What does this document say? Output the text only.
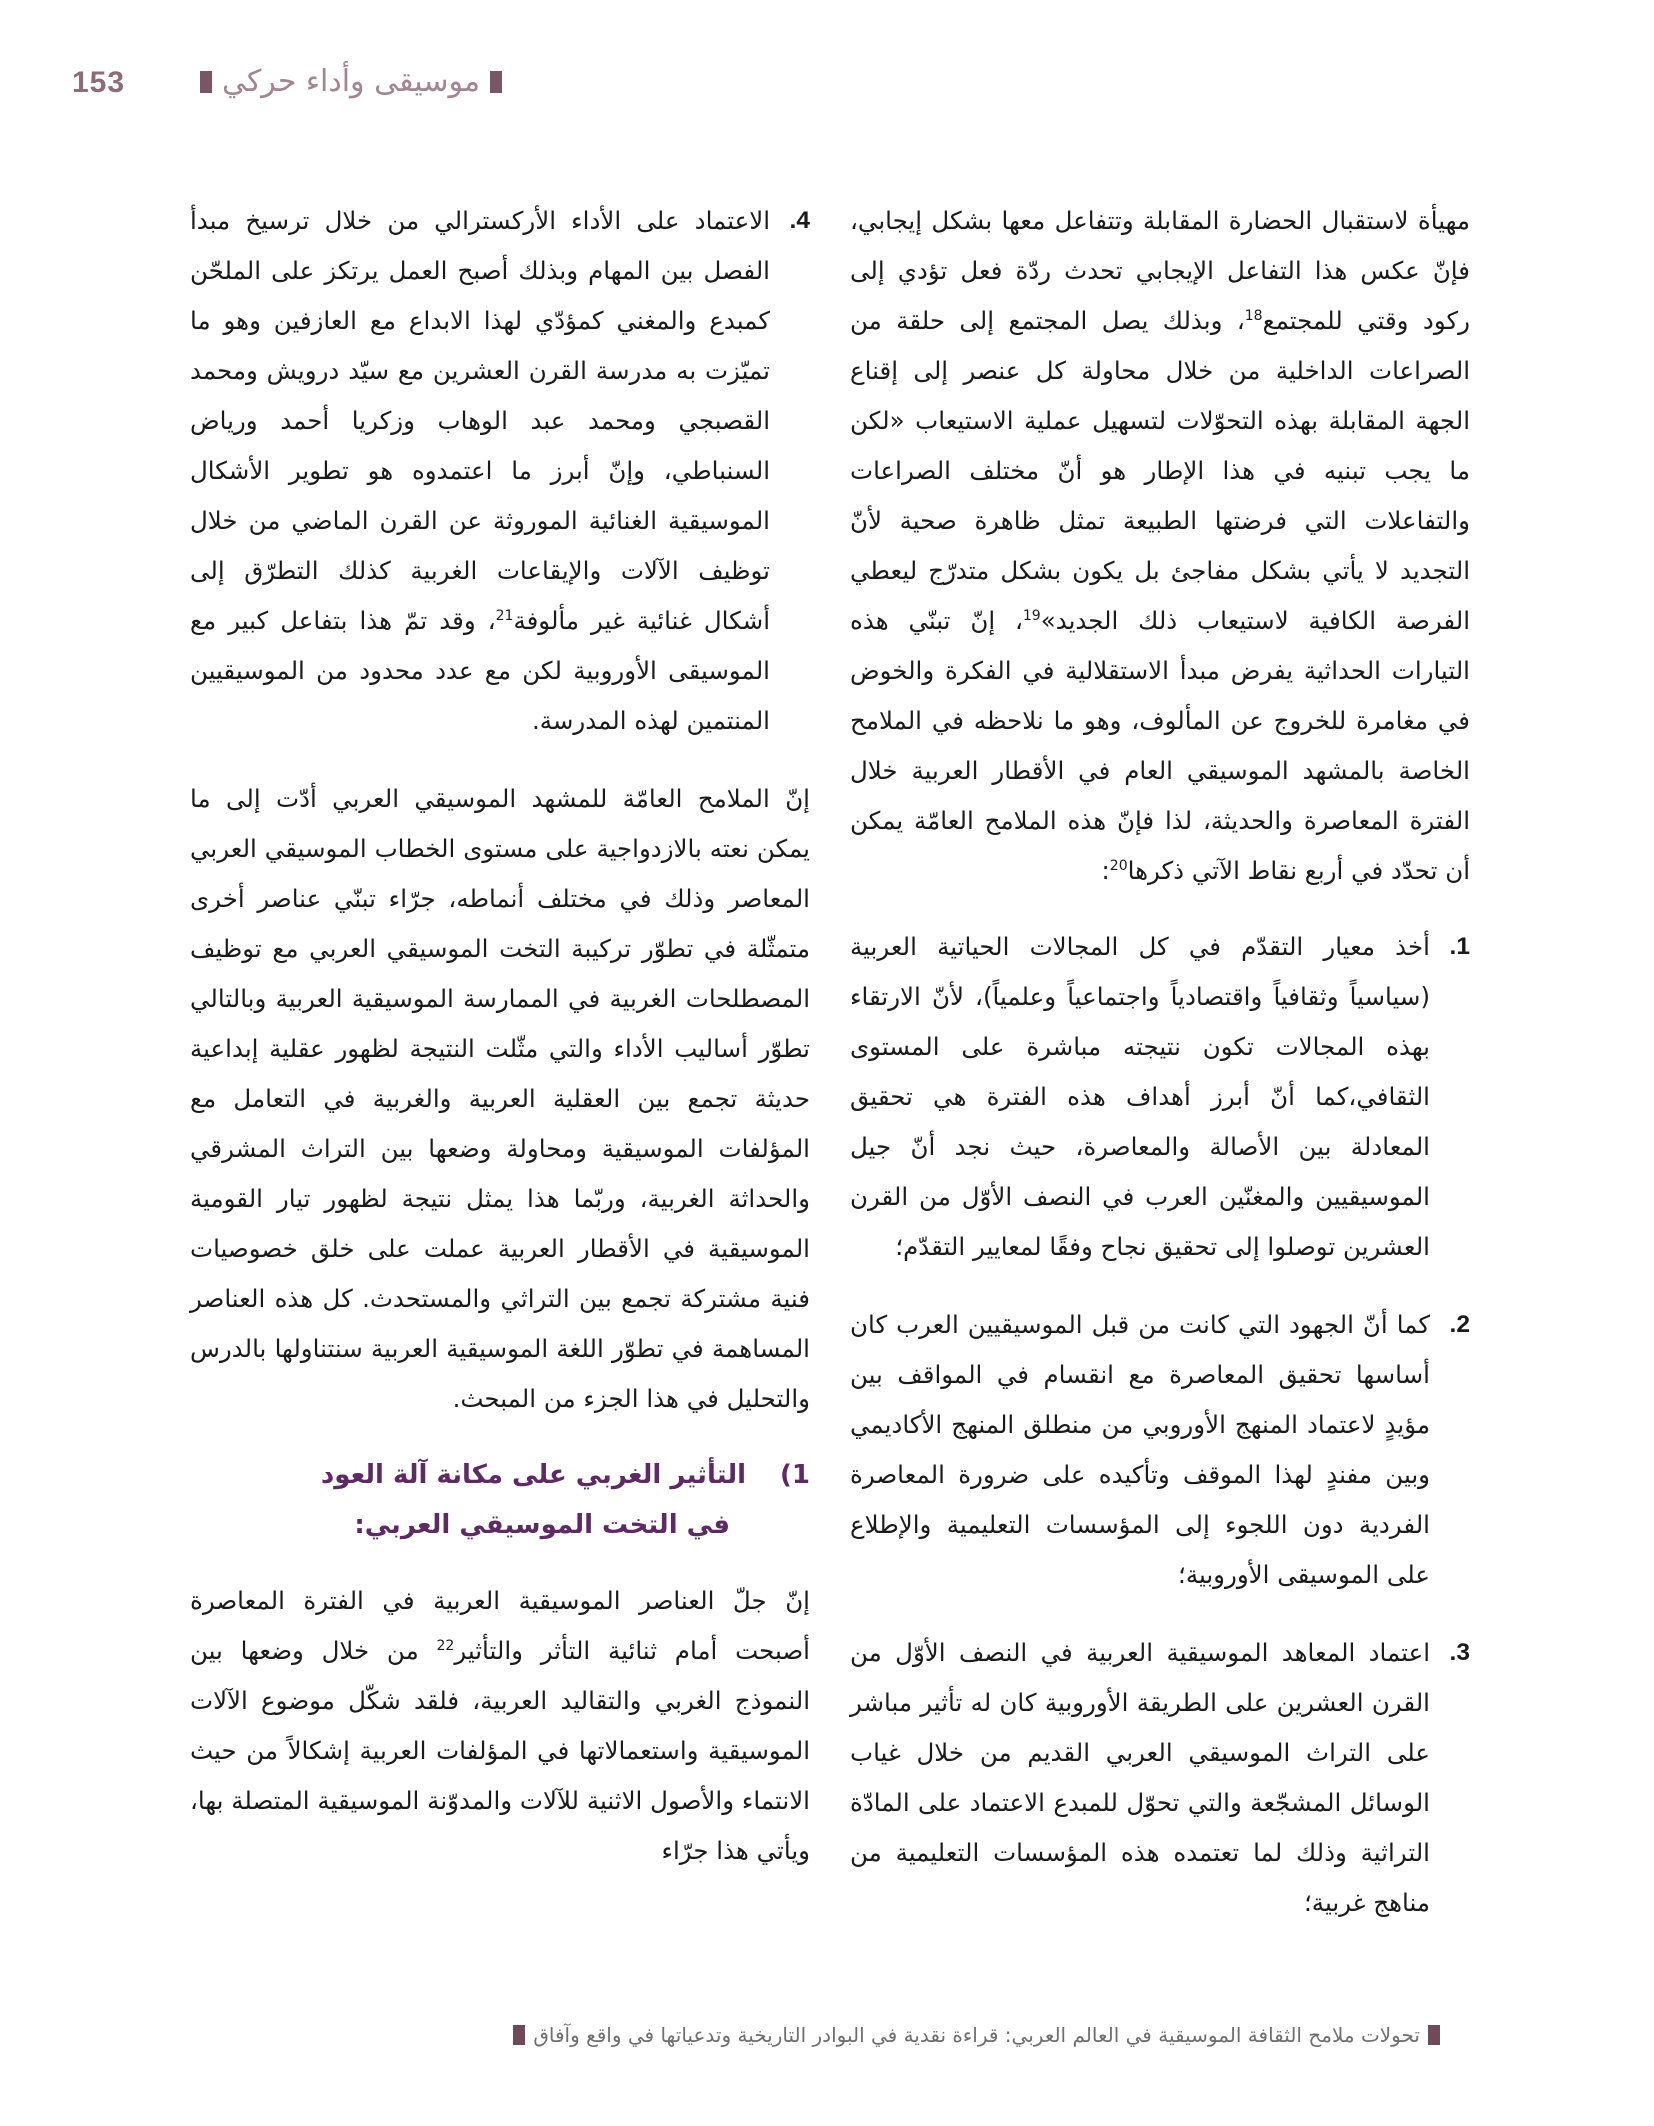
153	موسيقى وأداء حركي

مهيأة لاستقبال الحضارة المقابلة وتتفاعل معها بشكل إيجابي، فإنّ عكس هذا التفاعل الإيجابي تحدث ردّة فعل تؤدي إلى ركود وقتي للمجتمع$^{18}$، وبذلك يصل المجتمع إلى حلقة من الصراعات الداخلية من خلال محاولة كل عنصر إلى إقناع الجهة المقابلة بهذه التحوّلات لتسهيل عملية الاستيعاب «لكن ما يجب تبنيه في هذا الإطار هو أنّ مختلف الصراعات والتفاعلات التي فرضتها الطبيعة تمثل ظاهرة صحية لأنّ التجديد لا يأتي بشكل مفاجئ بل يكون بشكل متدرّج ليعطي الفرصة الكافية لاستيعاب ذلك الجديد»$^{19}$، إنّ تبنّي هذه التيارات الحداثية يفرض مبدأ الاستقلالية في الفكرة والخوض في مغامرة للخروج عن المألوف، وهو ما نلاحظه في الملامح الخاصة بالمشهد الموسيقي العام في الأقطار العربية خلال الفترة المعاصرة والحديثة، لذا فإنّ هذه الملامح العامّة يمكن أن تحدّد في أربع نقاط الآتي ذكرها$^{20}$:

1.
أخذ معيار التقدّم في كل المجالات الحياتية العربية (سياسياً وثقافياً واقتصادياً واجتماعياً وعلمياً)، لأنّ الارتقاء بهذه المجالات تكون نتيجته مباشرة على المستوى الثقافي،كما أنّ أبرز أهداف هذه الفترة هي تحقيق المعادلة بين الأصالة والمعاصرة، حيث نجد أنّ جيل الموسيقيين والمغنّين العرب في النصف الأوّل من القرن العشرين توصلوا إلى تحقيق نجاح وفقًا لمعايير التقدّم؛
2.
كما أنّ الجهود التي كانت من قبل الموسيقيين العرب كان أساسها تحقيق المعاصرة مع انقسام في المواقف بين مؤيدٍ لاعتماد المنهج الأوروبي من منطلق المنهج الأكاديمي وبين مفندٍ لهذا الموقف وتأكيده على ضرورة المعاصرة الفردية دون اللجوء إلى المؤسسات التعليمية والإطلاع على الموسيقى الأوروبية؛
3.
اعتماد المعاهد الموسيقية العربية في النصف الأوّل من القرن العشرين على الطريقة الأوروبية كان له تأثير مباشر على التراث الموسيقي العربي القديم من خلال غياب الوسائل المشجّعة والتي تحوّل للمبدع الاعتماد على المادّة التراثية وذلك لما تعتمده هذه المؤسسات التعليمية من مناهج غربية؛
4.
الاعتماد على الأداء الأركسترالي من خلال ترسيخ مبدأ الفصل بين المهام وبذلك أصبح العمل يرتكز على الملحّن كمبدع والمغني كمؤدّي لهذا الابداع مع العازفين وهو ما تميّزت به مدرسة القرن العشرين مع سيّد درويش ومحمد القصبجي ومحمد عبد الوهاب وزكريا أحمد ورياض السنباطي، وإنّ أبرز ما اعتمدوه هو تطوير الأشكال الموسيقية الغنائية الموروثة عن القرن الماضي من خلال توظيف الآلات والإيقاعات الغربية كذلك التطرّق إلى أشكال غنائية غير مألوفة$^{21}$، وقد تمّ هذا بتفاعل كبير مع الموسيقى الأوروبية لكن مع عدد محدود من الموسيقيين المنتمين لهذه المدرسة.

إنّ الملامح العامّة للمشهد الموسيقي العربي أدّت إلى ما يمكن نعته بالازدواجية على مستوى الخطاب الموسيقي العربي المعاصر وذلك في مختلف أنماطه، جرّاء تبنّي عناصر أخرى متمثّلة في تطوّر تركيبة التخت الموسيقي العربي مع توظيف المصطلحات الغربية في الممارسة الموسيقية العربية وبالتالي تطوّر أساليب الأداء والتي مثّلت النتيجة لظهور عقلية إبداعية حديثة تجمع بين العقلية العربية والغربية في التعامل مع المؤلفات الموسيقية ومحاولة وضعها بين التراث المشرقي والحداثة الغربية، وربّما هذا يمثل نتيجة لظهور تيار القومية الموسيقية في الأقطار العربية عملت على خلق خصوصيات فنية مشتركة تجمع بين التراثي والمستحدث. كل هذه العناصر المساهمة في تطوّر اللغة الموسيقية العربية سنتناولها بالدرس والتحليل في هذا الجزء من المبحث.

1)
التأثير الغربي على مكانة آلة العود
في التخت الموسيقي العربي:

إنّ جلّ العناصر الموسيقية العربية في الفترة المعاصرة أصبحت أمام ثنائية التأثر والتأثير$^{22}$ من خلال وضعها بين النموذج الغربي والتقاليد العربية، فلقد شكّل موضوع الآلات الموسيقية واستعمالاتها في المؤلفات العربية إشكالاً من حيث الانتماء والأصول الاثنية للآلات والمدوّنة الموسيقية المتصلة بها، ويأتي هذا جرّاء

تحولات ملامح الثقافة الموسيقية في العالم العربي: قراءة نقدية في البوادر التاريخية وتدعياتها في واقع وآفاق
